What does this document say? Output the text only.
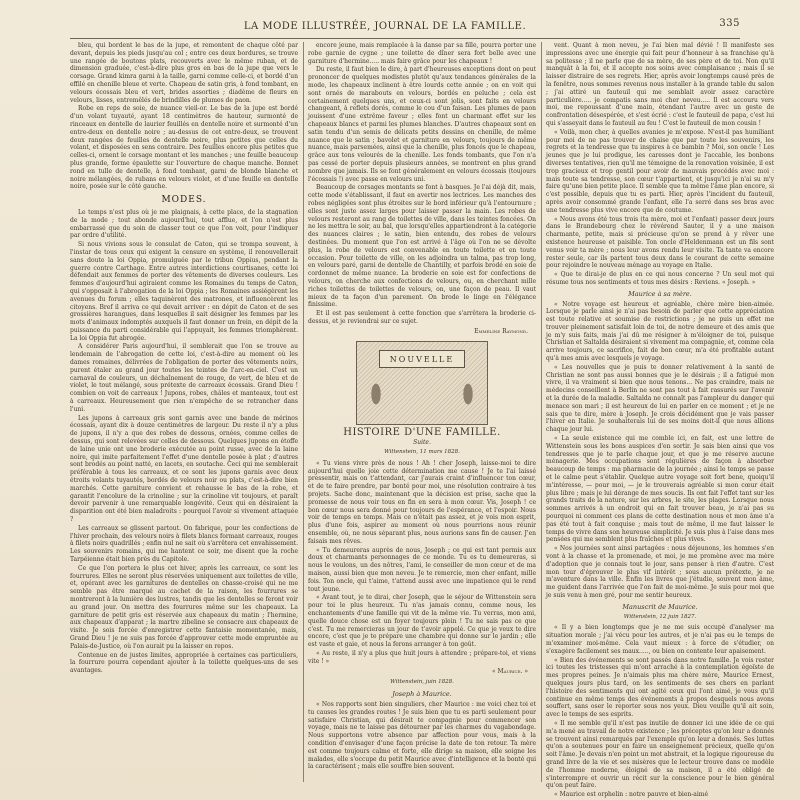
LA MODE ILLUSTRÉE, JOURNAL DE LA FAMILLE.	335

bleu, qui bordent le bas de la jupe, et remontent de chaque côté par devant, depuis les pieds jusqu'au col ; entre ces deux bordures, se trouve une rangée de boutons plats, recouverts avec le même ruban, et de dimension graduée, c'est-à-dire plus gros en bas de la jupe que vers le corsage. Grand kimra garni à la taille, garni comme celle-ci, et bordé d'un effilé en chenille bleue et verte. Chapeau de satin gris, à fond tombant, en velours écossais bleu et vert, brides assorties ; diadème de fleurs en velours, lisses, entremêlés de brindilles de plumes de paon.

Robe en reps de soie, de nuance vieil-or. Le bas de la jupe est bordé d'un volant tuyauté, ayant 18 centimètres de hauteur, surmonté de rinceaux en dentelle de laurier feuillés en dentelle noire et surmonté d'un entre-deux en dentelle noire ; au-dessus de cet entre-deux, se trouvent deux rangées de feuilles de dentelle noire, plus petites que celles du volant, et disposées en sens contraire. Des feuilles encore plus petites que celles-ci, ornent le corsage montant et les manches ; une feuille beaucoup plus grande, forme épaulette sur l'ouverture de chaque manche. Bonnet rond en tulle de dentelle, à fond tombant, garni de blonde blanche et noire mélangées, de rubans en velours violet, et d'une feuille en dentelle noire, posée sur le côté gauche.

MODES.

Le temps n'est plus où je me plaignais, à cette place, de la stagnation de la mode ; tout abonde aujourd'hui, tout afflue, et l'on n'est plus embarrassé que du soin de classer tout ce que l'on voit, pour l'indiquer par ordre d'utilité.

Si nous vivions sous le consulat de Caton, qui se trompa souvent, à l'instar de tous ceux qui exigent la censure en système, il renouvellerait sans doute la loi Oppia, promulguée par le tribun Oppius, pendant la guerre contre Carthage. Entre autres interdictions courtisanes, cette loi défendait aux femmes de porter des vêtements de diverses couleurs. Les femmes d'aujourd'hui agiraient comme les Romaines du temps de Caton, qui s'opposait à l'abrogation de la loi Oppia ; les Romaines assiégèrent les avenues du forum ; elles taquinèrent des matrones, et influencèrent les citoyens. Bref il arriva ce qui devait arriver : en dépit de Caton et de ses grossières harangues, dans lesquelles il sait désigner les femmes par les mots d'animaux indomptés auxquels il faut donner un frein, en dépit de la puissance du parti considérable qui l'appuyait, les femmes triomphèrent. La loi Oppia fut abrogée.

A considérer Paris aujourd'hui, il semblerait que l'on se trouve au lendemain de l'abrogation de cette loi, c'est-à-dire au moment où les dames romaines, délivrées de l'obligation de porter des vêtements noirs, purent étaler au grand jour toutes les teintes de l'arc-en-ciel. C'est un carnaval de couleurs, un déchaînement de rouge, de vert, de bleu et de violet, le tout mélangé, sous prétexte de carreaux écossais. Grand Dieu ! combien on voit de carreaux ! Jupons, robes, châles et manteaux, tout est à carreaux. Heureusement que rien n'empêche de se retrancher dans l'uni.

Les jupons à carreaux gris sont garnis avec une bande de mérinos écossais, ayant dix à douze centimètres de largeur. Du reste il n'y a plus de jupons, il n'y a que des robes de dessous, ornées, comme celles de dessus, qui sont relevées sur celles de dessous. Quelques jupons en étoffe de laine unie ont une broderie exécutée au point russe, avec de la laine noire, qui imite parfaitement l'effet d'une dentelle posée à plat ; d'autres sont brodés au point natté, en lacets, en soutache. Ceci qui me semblerait préférable à tous les carreaux, et ce sont les jupons garnis avec deux étroits volants tuyautés, bordés de velours noir ou plats, c'est-à-dire bien marchés. Cette garniture convient et rehausse le bas de la robe, et garantit l'encolure de la crinoline ; sur la crinoline vit toujours, et paraît devoir parvenir à une remarquable longévité. Ceux qui en désiraient la disparition ont été bien maladroits : pourquoi l'avoir si vivement attaquée ?

Les carreaux se glissent partout. On fabrique, pour les confections de l'hiver prochain, des velours noirs à filets blancs formant carreaux, rouges à filets noirs quadrillés ; enfin nul ne sait où s'arrêtera cet envahissement. Les souvenirs romains, qui me hantent ce soir, me disent que la roche Tarpéienne était bien près du Capitole.

Ce que l'on portera le plus cet hiver, après les carreaux, ce sont les fourrures. Elles ne seront plus réservées uniquement aux toilettes de ville, et, opérant avec les garnitures de dentelles on chasse-croisé qui ne me semble pas être marqué au cachet de la raison, les fourrures se montreront à la lumière des lustres, tandis que les dentelles se feront voir au grand jour. On mettra des fourrures même sur les chapeaux. La garniture de petit gris est réservée aux chapeaux du matin ; l'hermine, aux chapeaux d'apparat ; la martre zibeline se consacre aux chapeaux de visite. Je sois forcée d'enregistrer cette fantaisie momentanée, mais, Grand Dieu ! je ne suis pas forcée d'approuver cette mode empruntée au Palais-de-Justice, où l'on aurait pu la laisser en repos.

Contenue en de justes limites, appropriée à certaines cas particuliers, la fourrure pourra cependant ajouter à la toilette quelques-uns de ses avantages.

encore jeune, mais remplacée à la danse par sa fille, pourra porter une robe garnie de cygne ; une toilette de dîner sera fort belle avec une garniture d'hermine..... mais faire grâce pour les chapeaux !

Du reste, il faut bien le dire, à part d'heureuses exceptions dont on peut prononcer de quelques modistes plutôt qu'aux tendances générales de la mode, les chapeaux inclinent à être lourds cette année ; on en voit qui sont ornés de marabouts en velours, bordés en peluche ; cela est certainement quelques uns, et ceux-ci sont jolis, sont faits en velours changeant, à reflets dorés, comme le cou d'un faisan. Les plumes de paon jouissent d'une extrême faveur ; elles font un charmant effet sur les chapeaux blancs et parmi les plumes blanches. D'autres chapeaux sont en satin tendu d'un semis de délicats petits dessins en chenille, de même nuance que le satin ; bavolet et garniture en velours, toujours de même nuance, mais parsemées, ainsi que la chenille, plus foncés que le chapeau, grâce aux tons velourés de la chenille. Les fonds tombants, que l'on n'a pas cessé de porter depuis plusieurs années, se montrent en plus grand nombre que jamais. Ils se font généralement en velours écossais (toujours l'écossais !) avec passe en velours uni.

Beaucoup de corsages montants se font à basques. Je l'ai déjà dit, mais, cette mode s'établissant, il faut en avertir nos lectrices. Les manches des robes négligées sont plus étroites sur le bord inférieur qu'à l'entournure ; elles sont juste assez larges pour laisser passer la main. Les robes de velours resteront au rang de toilettes de ville, dans les teintes foncées. On ne les mettra le soir, au bal, que lorsqu'elles appartiendront à la catégorie des nuances claires ; le satin, bien entendu, des robes de velours destinées. Du moment que l'on est arrivé à l'âge où l'on ne se dévolte plus, la robe de velours est convenable en toute toilette et en toute occasion. Pour toilette de ville, on les adjoindra un talma, pas trop long, en velours paré, garni de dentelle de Chantilly, et parfois brodé en soie de cordonnet de même nuance. La broderie en soie est for confections de velours, on cherche aux confections de velours, ou, en cherchant mille riches toilettes de toilettes de velours, on, une façon de peau. Il vaut mieux de ta façon d'un parement. On brode le linge en l'élégance finissime.

Et il est pas seulement à cette fonction que s'arrêtera la broderie ci-dessus, et je reviendrai sur ce sujet.

Emmeline Raymond.
NOUVELLE
HISTOIRE D'UNE FAMILLE.
Suite.
Wittenstein, 11 mars 1828.

« Tu viens vivre près de nous ! Ah ! cher Joseph, laisse-moi te dire aujourd'hui quelle joie cette détermination me cause ! Je te l'ai laissé pressentir, mais on t'attendant, car j'aurais craint d'influencer ton cœur, et de te faire prendre, par bonté pour moi, une résolution contraire à tes projets. Sache donc, maintenant que la décision est prise, sache que la promesse de nous voir tous en fin en sera à mon cœur. Vis, Joseph ! ce bon cœur nous sera donné pour toujours de l'espérance, et l'espoir. Nous voir de temps en temps. Mais ce n'était pas assez, et je vois mon esprit, plus d'une fois, aspirer au moment où nous pourrions nous réunir ensemble, où, ne nous séparant plus, nous aurions sans fin de causer. J'en faisais mes rêves.

« Tu demeureras auprès de nous, Joseph ; ce qui est tant permis aux doux et charmants personnages de ce monde. Tu es tu demeureras, si nous le voulons, un des nôtres, l'ami, le conseiller de mon cœur et de ma maison, aussi bien que mon neveu. Je te remercie, mon cher enfant, mille fois. Ton oncle, qui t'aime, t'attend aussi avec une impatience qui le rend tout jeune.

« Avant tout, je te dirai, cher Joseph, que le séjour de Wittenstein sera pour toi le plus heureux. Tu n'as jamais connu, comme nous, les enchantements d'une famille qui vit de la même vie. Tu verras, mon ami, quelle douce chose est un foyer toujours plein ! Tu ne sais pas ce que c'est. Tu me remercieras un jour de t'avoir appelé. Ce que je veux te dire encore, c'est que je te prépare une chambre qui donne sur le jardin ; elle est vaste et gaie, et nous la ferons arranger à ton goût.

« Au reste, il n'y a plus que huit jours à attendre ; prépare-toi, et viens vite ! »

« Maurice. »
Wittenstein, juin 1828.
Joseph à Maurice.

« Nos rapports sont bien singuliers, cher Maurice : me voici chez toi et tu causes les grandes routes ! Je suis bien que tu es parti seulement pour satisfaire Christian, qui désirait te compagnie pour commencer son voyage, mais ne te laisse pas détourner par les charmes du vagabondage. Nous supportons votre absence par affection pour vous, mais à la condition d'envisager d'une façon précise la date de ton retour. Ta mère est comme toujours calme et forte, elle dirige sa maison, elle soigne les malades, elle s'occupe du petit Maurice avec d'intelligence et la bonté qui la caractérisent ; mais elle souffre bien souvent.

vent. Quant à mon neveu, je l'ai bien mal dévié ! Il manifeste ses impressions avec une énergie qui fait peur d'honneur à sa franchise qu'à sa politesse ; il ne parle que de sa mère, de ses père et de toi. Non qu'il manquât à la foi, et il accepte nos soins avec complaisance ; mais il se laisser distraire de ses regrets. Hier, après avoir longtemps causé près de la fenêtre, nous sommes revenus nous installer à la grande table du salon ; j'ai attiré un fauteuil qui me semblait avoir assez caractère particulière..... je compatis sans moi cher neveu..... Il est accouru vers moi, me repoussant d'une main, étendant l'autre avec un geste de confrontation désespérée, et s'est écrié : c'est le fauteuil de papa, c'est lui qui s'asseyait dans le fauteuil au feu ! C'est le fauteuil de mon cousin !

« Voilà, mon cher, à quelles avanies je m'expose. N'est-il pas humiliant pour moi de ne pas trouver de chaise que par toute les souvenirs, les regrets et la tendresse que tu inspires à ce bambin ? Moi, son oncle ! Les jeunes que je lui prodigue, les caresses dont je l'accable, les bonbons diverses tentatives, rien qu'il me témoigne de la renovation voisinée, il est trop gracieux et trop gentil pour avoir de mauvais procédés avec moi : mais toute sa tendresse, son cœur t'appartient, et jusqu'ici je n'ai su m'y faire qu'une bien petite place. Il semble que ta même l'âme plan encore, si c'est possible, depuis que tu es parti. Hier, après l'incident du fauteuil, après avoir consommé grande l'enfant, elle l'a serré dans ses bras avec une tendresse plus vive encore que de coutume.

« Nous avons été tous trois (ta mère, moi et l'enfant) passer deux jours dans le Brandebourg chez le révérend Sauter, il y a une maison charmante, petite, mais si précieuse qu'on se prend à y rêver une existence heureuse et paisible. Ton oncle d'Heldenmann est un fils sont venus voir ta mère ; nous leur avons rendu leur visite. Ta tante va encore rester seule, car ils partent tous deux dans le courant de cette semaine pour rejoindre le nouveau ménage au voyage en Italie.

« Que te dirai-je de plus en ce qui nous concerne ? Un seul mot qui résume tous nos sentiments et tous mes désirs : Reviens. « Joseph. »

Maurice à sa mère.

« Notre voyage est heureux et agréable, chère mère bien-aimée. Lorsque je parle ainsi je n'ai pas besoin de parler que cette appréciation est toute relative et soumise de restrictions ; je ne puis un effet me trouver pleinement satisfait loin de toi, de notre demeure et des amis que je m'y suis faits, mais j'ai dû me résigner à m'éloigner de toi, puisque Christian et Saltalda désiraient si vivement ma compagnie, et, comme cela arrive toujours, ce sacrifice, fait de bon cœur, m'a été profitable autant qu'à mes amis avec lesquels je voyage.

« Les nouvelles que je puis te donner relativement à la santé de Christian ne sont pas aussi bonnes que je le désirais ; il a fatigué mon vivre, il va vraiment si bien que nous tenons... Ne pas craindre, mais ne médecins conseillent à Berlin ne sont pas tout à fait rassurés sur l'avenir et la durée de la maladie. Saltalda ne connaît pas l'ampleur du danger qui menace son mari ; il est heureux de lui en parler en ce moment ; et je ne sais que te dire, mère à Joseph. Je crois décidément que je vais passer l'hiver en Italie. Je souhaiterais lui de ses moins doit-il que nous allions chaque jour lui.

« La seule existence qui me comble ici, en fait, est une lettre de Wittenstein sous les bons auspices d'en sortir. Je sais bien ainsi que vos tendresses que je te parle chaque jour, et que je me réserve aucune ménagerie. Mes occupations sont régulières de façon à absorber beaucoup de temps : ma pharmacie de la journée ; ainsi le temps se passe et le calme peut s'établir. Quelque autre voyage soit fort bene, quoiqu'il m'intéresse, — pour moi, — je le trouverais agréable si mon cœur était plus libre ; mais je lui dérange de mes soucis. Ils ont fait l'effet tant sur les grands traits de la nature, sur les arbres, le site, les plages. Lorsque nous sommes arrivés à un endroit qui en fait trouver beau, je n'ai pas su pourquoi ni comment ces plans de cette destination nous et mon âme n'a pas été tout à fait conquise ; mais tout de même, il me faut laisser le temps de vivre dans son heureuse simplicité. Je suis plus à l'aise dans mes pensées qui me semblent plus fraîches et plus vives.

« Nos journées sont ainsi partagées : nous déjeunons, les hommes s'en vont à la chasse et la promenade, et moi, je me promène avec ma mère d'adoption que je connais tout le jour, sans penser à rien d'autre. C'est mon tour d'éprouver le plus vif intérêt ; sous aucun prétexte, je ne m'aventure dans la ville. Enfin les livres que j'étudie, souvent mon âme, me guident dans l'arrivée que l'on fait de moi-même. Je suis pour moi que je suis venu à mon gré, pour me sentir heureux.

Manuscrit de Maurice.
Wittenstein, 12 juin 1827.

« Il y a bien longtemps que je ne me suis occupé d'analyser ma situation morale ; j'ai vécu pour les autres, et je n'ai pas eu le temps de m'examiner moi-même. Cela vaut mieux : à force de s'étudier, on s'exagère facilement ses maux....., ou bien on contente leur apaisement.

« Bien des événements se sont passés dans notre famille. Je vois rester ici toutes les tristesses qui m'ont arraché à la contemplation égoïste de mes propres peines. Je n'aimais plus ma chère mère, Maurice Ernest, quelques jours plus tard, on les sentiments de ses chers en parlant l'histoire des sentiments qui ont agité ceux qui l'ont aimé, je vous qu'il continue en même temps des événements à propos desquels nous avons souffert, sans oser le reporter sous nos yeux. Dieu veuille qu'il ait soin, avec le temps de ses esprits.

« Il me semble qu'il n'est pas inutile de donner ici une idée de ce qui m'a mené au travail de notre existence ; les préceptes qu'on leur a donnés se trouvent ainsi remarqués par l'exemple qu'on leur a donnés. Ses luttes qu'on a soutenues pour en faire un enseignement précieux, quelle qu'on soit l'âme. Je devais n'en point un mot abstrait, et la logique rigoureuse du grand livre de la vie et ses misères que le lecteur trouve dans ce modèle de l'homme moderne, éloigné de sa maison, il a été obligé de s'interrompre et ouvrir un récit sur la conscience pour le bien général qu'on peut faire.

« Maurice est orphelin : notre pauvre et bien-aimé
